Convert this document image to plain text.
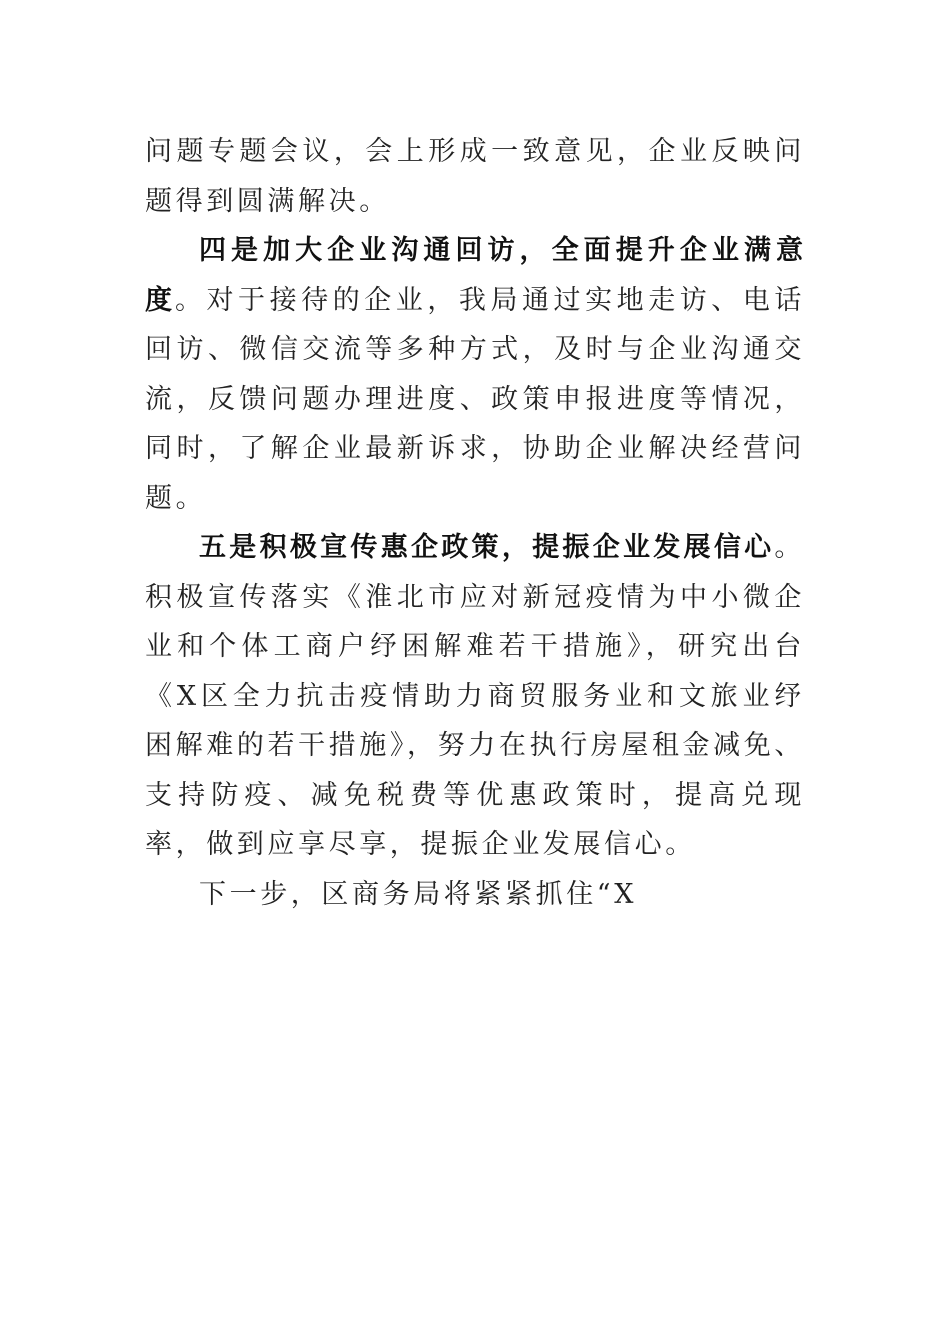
问题专题会议，会上形成一致意见，企业反映问题得到圆满解决。

四是加大企业沟通回访，全面提升企业满意度。对于接待的企业，我局通过实地走访、电话回访、微信交流等多种方式，及时与企业沟通交流，反馈问题办理进度、政策申报进度等情况，同时，了解企业最新诉求，协助企业解决经营问题。

五是积极宣传惠企政策，提振企业发展信心。积极宣传落实《淮北市应对新冠疫情为中小微企业和个体工商户纾困解难若干措施》，研究出台《X区全力抗击疫情助力商贸服务业和文旅业纾困解难的若干措施》，努力在执行房屋租金减免、支持防疫、减免税费等优惠政策时，提高兑现率，做到应享尽享，提振企业发展信心。

下一步，区商务局将紧紧抓住“X
